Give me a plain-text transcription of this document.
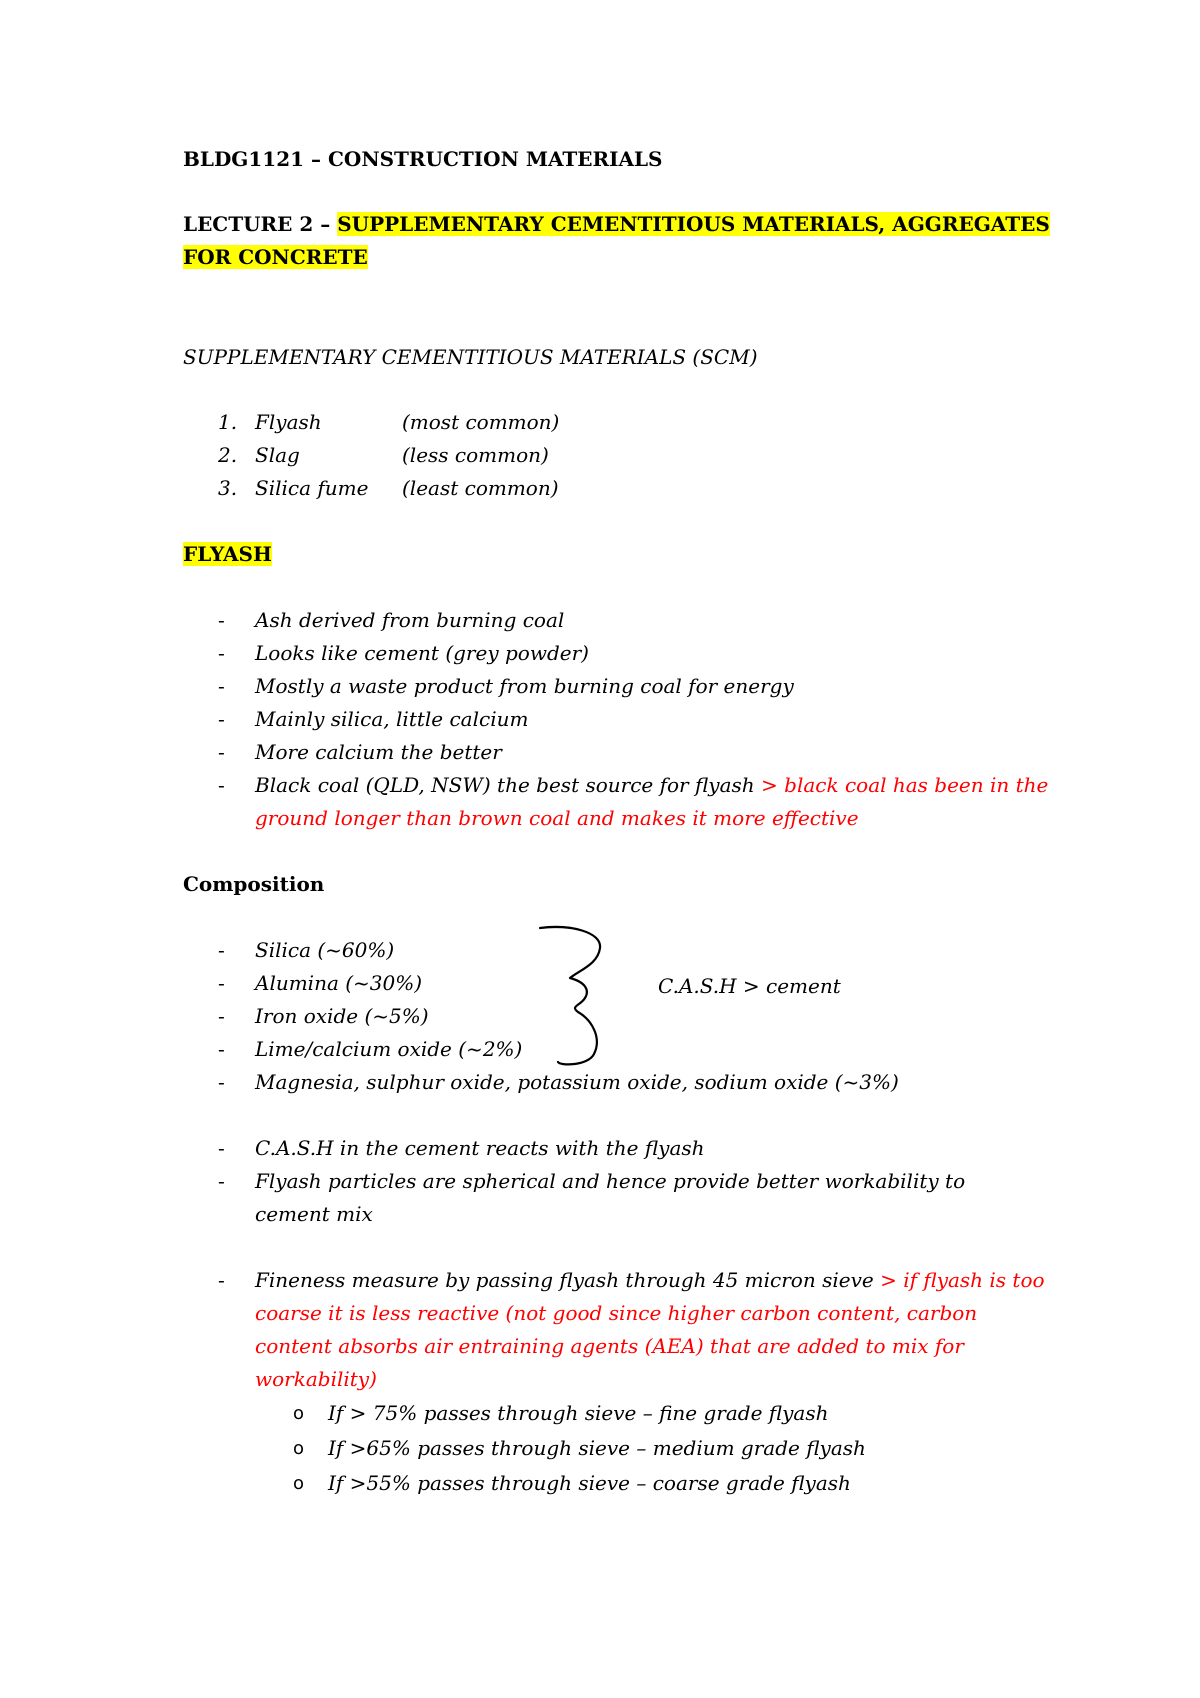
BLDG1121 – CONSTRUCTION MATERIALS
LECTURE 2 – SUPPLEMENTARY CEMENTITIOUS MATERIALS, AGGREGATES
FOR CONCRETE
SUPPLEMENTARY CEMENTITIOUS MATERIALS (SCM)
1. Flyash	(most common)
2. Slag	(less common)
3. Silica fume (least common)
FLYASH
- Ash derived from burning coal
- Looks like cement (grey powder)
- Mostly a waste product from burning coal for energy
- Mainly silica, little calcium
- More calcium the better
- Black coal (QLD, NSW) the best source for flyash > black coal has been in the
ground longer than brown coal and makes it more effective
Composition
- Silica (~60%)
- Alumina (~30%)
- Iron oxide (~5%)
- Lime/calcium oxide (~2%)
- Magnesia, sulphur oxide, potassium oxide, sodium oxide (~3%)
C.A.S.H > cement
- C.A.S.H in the cement reacts with the flyash
- Flyash particles are spherical and hence provide better workability to
cement mix
- Fineness measure by passing flyash through 45 micron sieve > if flyash is too
coarse it is less reactive (not good since higher carbon content, carbon
content absorbs air entraining agents (AEA) that are added to mix for
workability)
o If > 75% passes through sieve – fine grade flyash
o If >65% passes through sieve – medium grade flyash
o If >55% passes through sieve – coarse grade flyash
